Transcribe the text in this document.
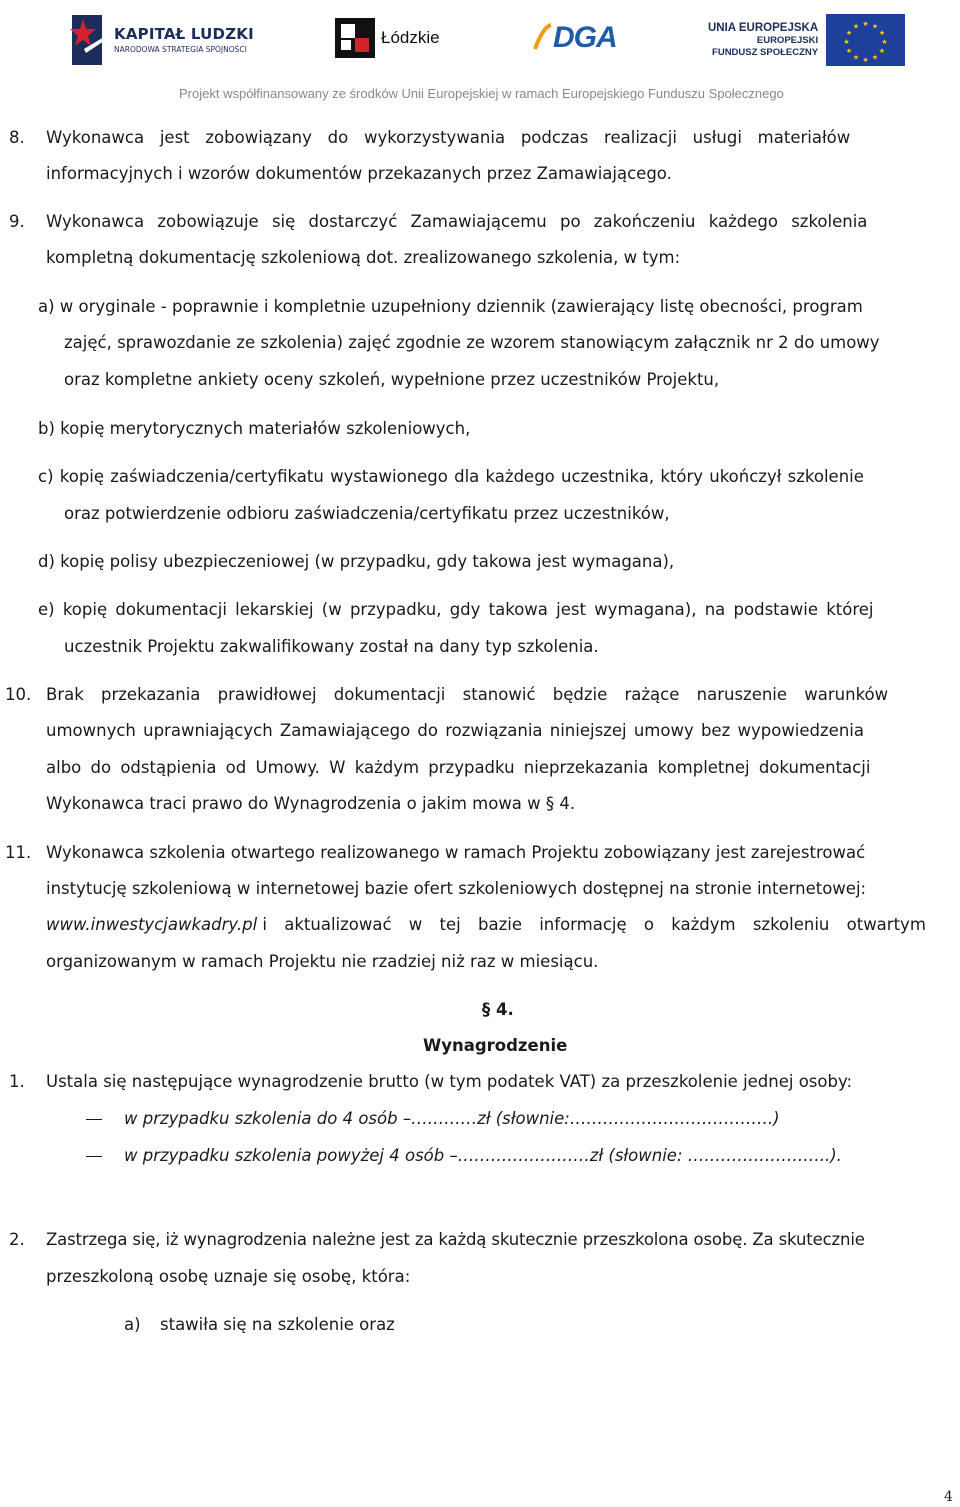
KAPITAŁ LUDZKI
NARODOWA STRATEGIA SPÓJNOŚCI
Łódzkie	DGA	UNIA EUROPEJSKA
EUROPEJSKI
FUNDUSZ SPOŁECZNY
★ ★
★
★
★
★
★
★
★
★
★
★
Projekt współfinansowany ze środków Unii Europejskiej w ramach Europejskiego Funduszu Społecznego
8. Wykonawca jest zobowiązany do wykorzystywania podczas realizacji usługi materiałów
informacyjnych i wzorów dokumentów przekazanych przez Zamawiającego.
9. Wykonawca zobowiązuje się dostarczyć Zamawiającemu po zakończeniu każdego szkolenia
kompletną dokumentację szkoleniową dot. zrealizowanego szkolenia, w tym:
a) w oryginale - poprawnie i kompletnie uzupełniony dziennik (zawierający listę obecności, program
zajęć, sprawozdanie ze szkolenia) zajęć zgodnie ze wzorem stanowiącym załącznik nr 2 do umowy
oraz kompletne ankiety oceny szkoleń, wypełnione przez uczestników Projektu,
b) kopię merytorycznych materiałów szkoleniowych,
c) kopię zaświadczenia/certyfikatu wystawionego dla każdego uczestnika, który ukończył szkolenie
oraz potwierdzenie odbioru zaświadczenia/certyfikatu przez uczestników,
d) kopię polisy ubezpieczeniowej (w przypadku, gdy takowa jest wymagana),
e) kopię dokumentacji lekarskiej (w przypadku, gdy takowa jest wymagana), na podstawie której
uczestnik Projektu zakwalifikowany został na dany typ szkolenia.
10. Brak przekazania prawidłowej dokumentacji stanowić będzie rażące naruszenie warunków
umownych uprawniających Zamawiającego do rozwiązania niniejszej umowy bez wypowiedzenia
albo do odstąpienia od Umowy. W każdym przypadku nieprzekazania kompletnej dokumentacji
Wykonawca traci prawo do Wynagrodzenia o jakim mowa w § 4.
11. Wykonawca szkolenia otwartego realizowanego w ramach Projektu zobowiązany jest zarejestrować
instytucję szkoleniową w internetowej bazie ofert szkoleniowych dostępnej na stronie internetowej:
www.inwestycjawkadry.pl i aktualizować w tej bazie informację o każdym szkoleniu otwartym
organizowanym w ramach Projektu nie rzadziej niż raz w miesiącu.
§ 4.
Wynagrodzenie
1. Ustala się następujące wynagrodzenie brutto (w tym podatek VAT) za przeszkolenie jednej osoby:
w przypadku szkolenia do 4 osób –…………zł (słownie:……………………………….)
w przypadku szkolenia powyżej 4 osób –……………………zł (słownie: ……………………..).
2. Zastrzega się, iż wynagrodzenia należne jest za każdą skutecznie przeszkolona osobę. Za skutecznie
przeszkoloną osobę uznaje się osobę, która:
a) stawiła się na szkolenie oraz
4
